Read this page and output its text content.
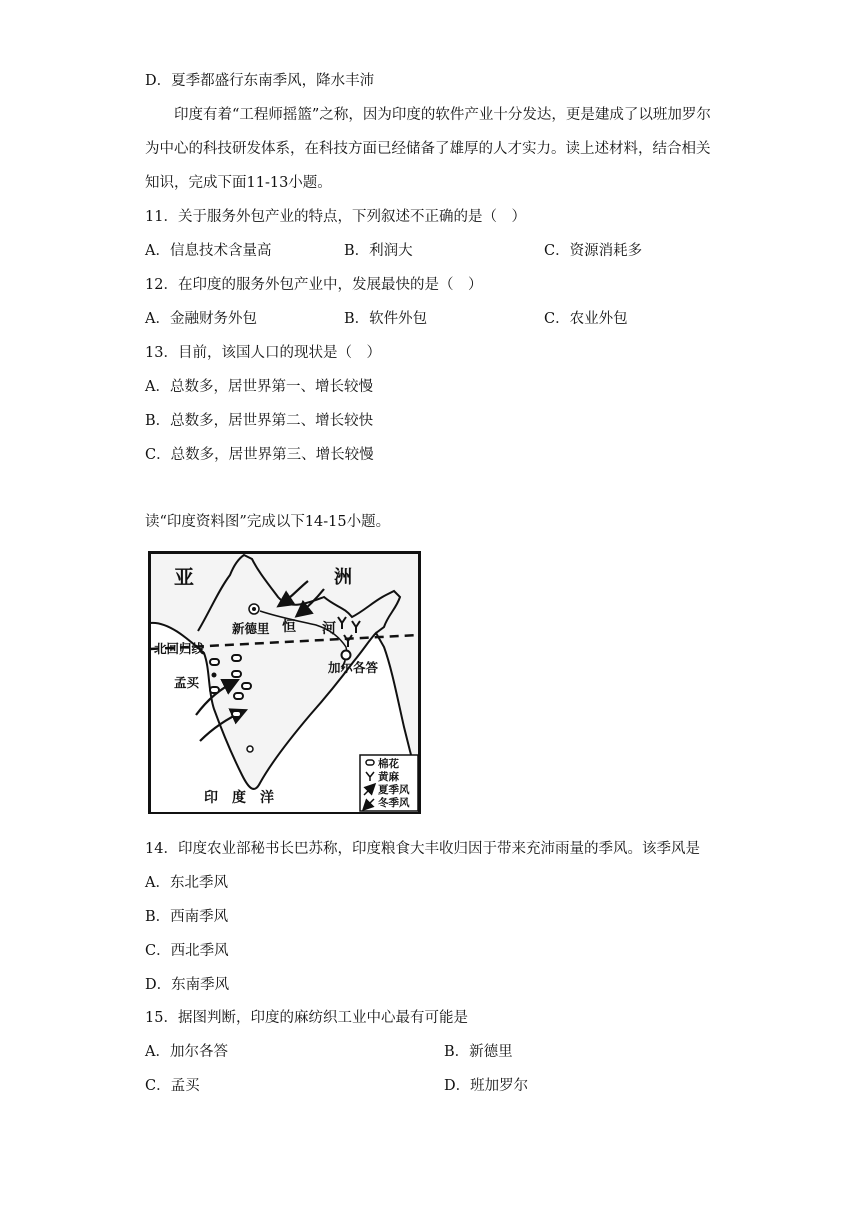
D．夏季都盛行东南季风，降水丰沛
印度有着“工程师摇篮”之称，因为印度的软件产业十分发达，更是建成了以班加罗尔为中心的科技研发体系，在科技方面已经储备了雄厚的人才实力。读上述材料，结合相关知识，完成下面11-13小题。
11．关于服务外包产业的特点，下列叙述不正确的是（　）
A．信息技术含量高	B．利润大	C．资源消耗多
12．在印度的服务外包产业中，发展最快的是（　）
A．金融财务外包	B．软件外包	C．农业外包
13．目前，该国人口的现状是（　）
A．总数多，居世界第一、增长较慢
B．总数多，居世界第二、增长较快
C．总数多，居世界第三、增长较慢
读“印度资料图”完成以下14-15小题。
亚	洲
新德里 恒 河
北回归线
加尔各答
孟买
印　度　洋
棉花
黄麻
夏季风
冬季风
14．印度农业部秘书长巴苏称，印度粮食大丰收归因于带来充沛雨量的季风。该季风是
A．东北季风
B．西南季风
C．西北季风
D．东南季风
15．据图判断，印度的麻纺织工业中心最有可能是
A．加尔各答	B．新德里
C．孟买	D．班加罗尔
